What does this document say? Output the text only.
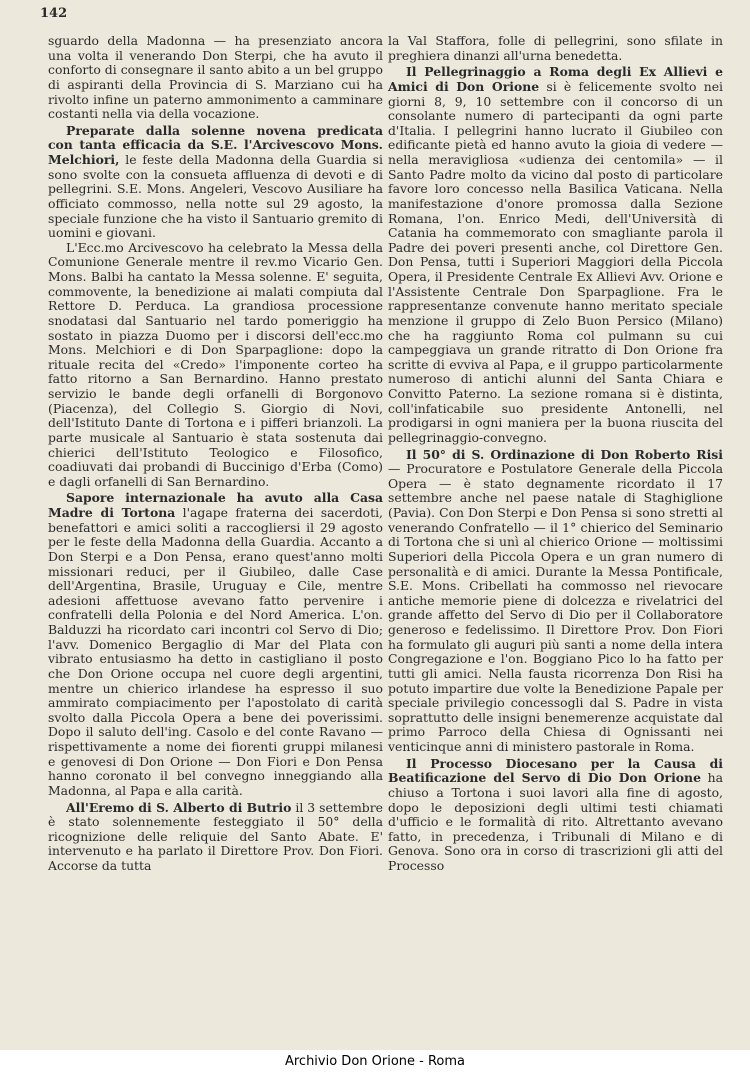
142

sguardo della Madonna — ha presenziato ancora una volta il venerando Don Sterpi, che ha avuto il conforto di consegnare il santo abito a un bel gruppo di aspiranti della Provincia di S. Marziano cui ha rivolto infine un paterno ammonimento a camminare costanti nella via della vocazione.

Preparate dalla solenne novena predicata con tanta efficacia da S.E. l'Arcivescovo Mons. Melchiori, le feste della Madonna della Guardia si sono svolte con la consueta affluenza di devoti e di pellegrini. S.E. Mons. Angeleri, Vescovo Ausiliare ha officiato commosso, nella notte sul 29 agosto, la speciale funzione che ha visto il Santuario gremito di uomini e giovani.

L'Ecc.mo Arcivescovo ha celebrato la Messa della Comunione Generale mentre il rev.mo Vicario Gen. Mons. Balbi ha cantato la Messa solenne. E' seguita, commovente, la benedizione ai malati compiuta dal Rettore D. Perduca. La grandiosa processione snodatasi dal Santuario nel tardo pomeriggio ha sostato in piazza Duomo per i discorsi dell'ecc.mo Mons. Melchiori e di Don Sparpaglione: dopo la rituale recita del «Credo» l'imponente corteo ha fatto ritorno a San Bernardino. Hanno prestato servizio le bande degli orfanelli di Borgonovo (Piacenza), del Collegio S. Giorgio di Novi, dell'Istituto Dante di Tortona e i pifferi brianzoli. La parte musicale al Santuario è stata sostenuta dai chierici dell'Istituto Teologico e Filosofico, coadiuvati dai probandi di Buccinigo d'Erba (Como) e dagli orfanelli di San Bernardino.

Sapore internazionale ha avuto alla Casa Madre di Tortona l'agape fraterna dei sacerdoti, benefattori e amici soliti a raccogliersi il 29 agosto per le feste della Madonna della Guardia. Accanto a Don Sterpi e a Don Pensa, erano quest'anno molti missionari reduci, per il Giubileo, dalle Case dell'Argentina, Brasile, Uruguay e Cile, mentre adesioni affettuose avevano fatto pervenire i confratelli della Polonia e del Nord America. L'on. Balduzzi ha ricordato cari incontri col Servo di Dio; l'avv. Domenico Bergaglio di Mar del Plata con vibrato entusiasmo ha detto in castigliano il posto che Don Orione occupa nel cuore degli argentini, mentre un chierico irlandese ha espresso il suo ammirato compiacimento per l'apostolato di carità svolto dalla Piccola Opera a bene dei poverissimi. Dopo il saluto dell'ing. Casolo e del conte Ravano — rispettivamente a nome dei fiorenti gruppi milanesi e genovesi di Don Orione — Don Fiori e Don Pensa hanno coronato il bel convegno inneggiando alla Madonna, al Papa e alla carità.

All'Eremo di S. Alberto di Butrio il 3 settembre è stato solennemente festeggiato il 50° della ricognizione delle reliquie del Santo Abate. E' intervenuto e ha parlato il Direttore Prov. Don Fiori. Accorse da tutta

la Val Staffora, folle di pellegrini, sono sfilate in preghiera dinanzi all'urna benedetta.

Il Pellegrinaggio a Roma degli Ex Allievi e Amici di Don Orione si è felicemente svolto nei giorni 8, 9, 10 settembre con il concorso di un consolante numero di partecipanti da ogni parte d'Italia. I pellegrini hanno lucrato il Giubileo con edificante pietà ed hanno avuto la gioia di vedere — nella meravigliosa «udienza dei centomila» — il Santo Padre molto da vicino dal posto di particolare favore loro concesso nella Basilica Vaticana. Nella manifestazione d'onore promossa dalla Sezione Romana, l'on. Enrico Medi, dell'Università di Catania ha commemorato con smagliante parola il Padre dei poveri presenti anche, col Direttore Gen. Don Pensa, tutti i Superiori Maggiori della Piccola Opera, il Presidente Centrale Ex Allievi Avv. Orione e l'Assistente Centrale Don Sparpaglione. Fra le rappresentanze convenute hanno meritato speciale menzione il gruppo di Zelo Buon Persico (Milano) che ha raggiunto Roma col pulmann su cui campeggiava un grande ritratto di Don Orione fra scritte di evviva al Papa, e il gruppo particolarmente numeroso di antichi alunni del Santa Chiara e Convitto Paterno. La sezione romana si è distinta, coll'infaticabile suo presidente Antonelli, nel prodigarsi in ogni maniera per la buona riuscita del pellegrinaggio-convegno.

Il 50° di S. Ordinazione di Don Roberto Risi — Procuratore e Postulatore Generale della Piccola Opera — è stato degnamente ricordato il 17 settembre anche nel paese natale di Staghiglione (Pavia). Con Don Sterpi e Don Pensa si sono stretti al venerando Confratello — il 1° chierico del Seminario di Tortona che si unì al chierico Orione — moltissimi Superiori della Piccola Opera e un gran numero di personalità e di amici. Durante la Messa Pontificale, S.E. Mons. Cribellati ha commosso nel rievocare antiche memorie piene di dolcezza e rivelatrici del grande affetto del Servo di Dio per il Collaboratore generoso e fedelissimo. Il Direttore Prov. Don Fiori ha formulato gli auguri più santi a nome della intera Congregazione e l'on. Boggiano Pico lo ha fatto per tutti gli amici. Nella fausta ricorrenza Don Risi ha potuto impartire due volte la Benedizione Papale per speciale privilegio concessogli dal S. Padre in vista soprattutto delle insigni benemerenze acquistate dal primo Parroco della Chiesa di Ognissanti nei venticinque anni di ministero pastorale in Roma.

Il Processo Diocesano per la Causa di Beatificazione del Servo di Dio Don Orione ha chiuso a Tortona i suoi lavori alla fine di agosto, dopo le deposizioni degli ultimi testi chiamati d'ufficio e le formalità di rito. Altrettanto avevano fatto, in precedenza, i Tribunali di Milano e di Genova. Sono ora in corso di trascrizioni gli atti del Processo

Archivio Don Orione - Roma
